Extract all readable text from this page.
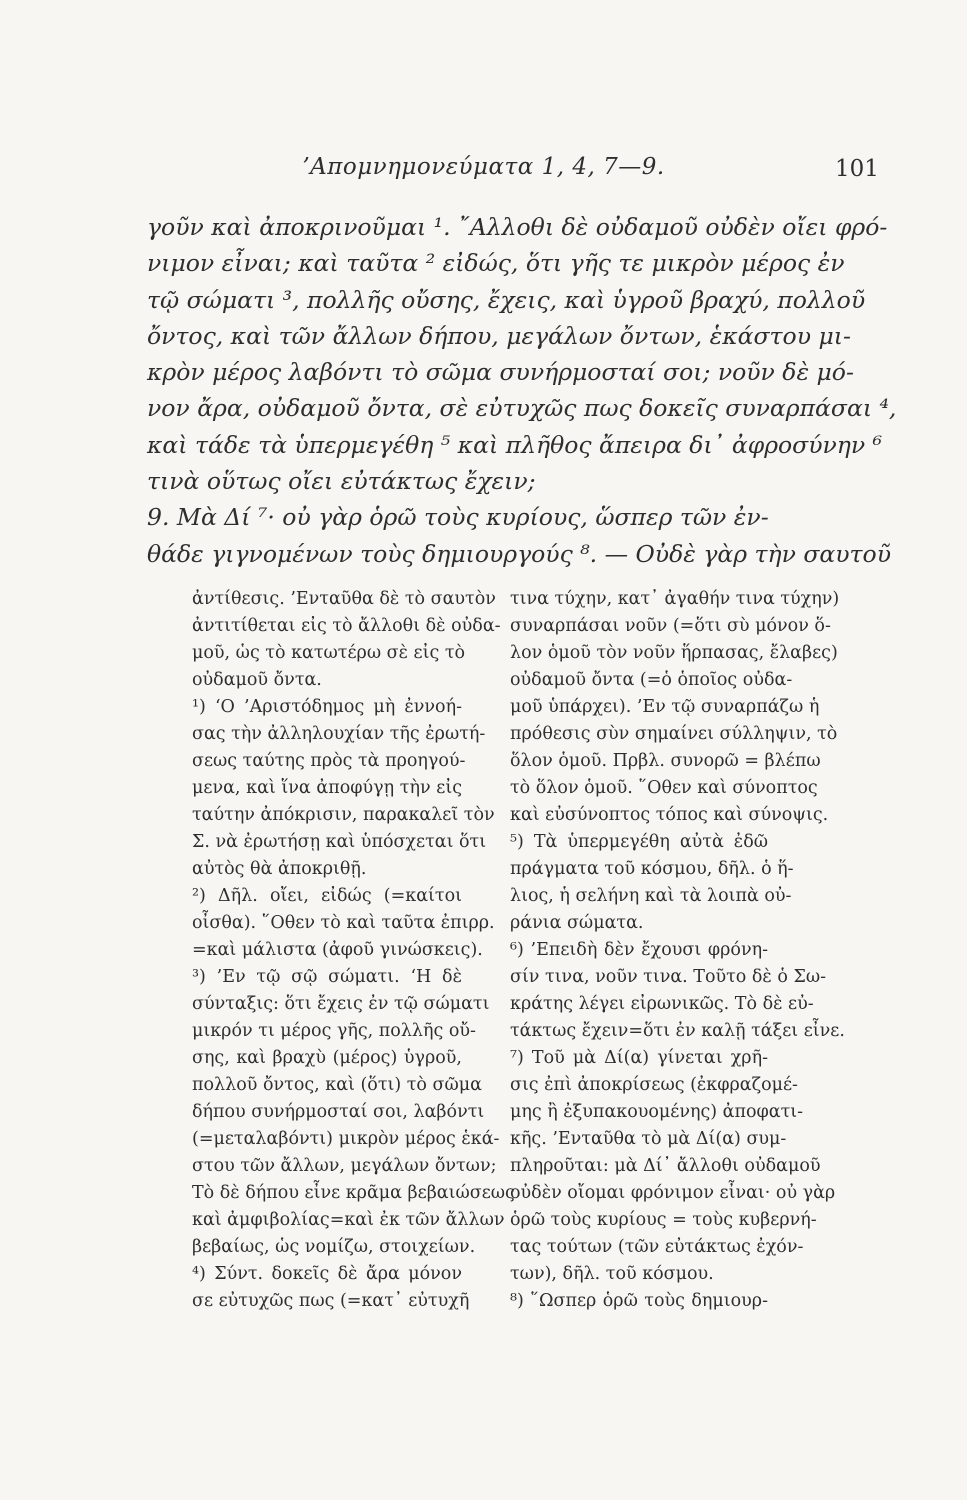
’Απομνημονεύματα 1, 4, 7—9.	101
γοῦν καὶ ἀποκρινοῦμαι ¹. ῎Αλλοθι δὲ οὐδαμοῦ οὐδὲν οἴει φρό-
νιμον εἶναι; καὶ ταῦτα ² εἰδώς, ὅτι γῆς τε μικρὸν μέρος ἐν
τῷ σώματι ³, πολλῆς οὔσης, ἔχεις, καὶ ὑγροῦ βραχύ, πολλοῦ
ὄντος, καὶ τῶν ἄλλων δήπου, μεγάλων ὄντων, ἑκάστου μι-
κρὸν μέρος λαβόντι τὸ σῶμα συνήρμοσταί σοι; νοῦν δὲ μό-
νον ἄρα, οὐδαμοῦ ὄντα, σὲ εὐτυχῶς πως δοκεῖς συναρπάσαι ⁴,
καὶ τάδε τὰ ὑπερμεγέθη ⁵ καὶ πλῆθος ἄπειρα δι᾿ ἀφροσύνην ⁶
τινὰ οὕτως οἴει εὐτάκτως ἔχειν;
9. Μὰ Δί ⁷· οὐ γὰρ ὁρῶ τοὺς κυρίους, ὥσπερ τῶν ἐν-
θάδε γιγνομένων τοὺς δημιουργούς ⁸. — Οὐδὲ γὰρ τὴν σαυτοῦ
ἀντίθεσις. ’Ενταῦθα δὲ τὸ σαυτὸν
ἀντιτίθεται εἰς τὸ ἄλλοθι δὲ οὐδα-
μοῦ, ὡς τὸ κατωτέρω σὲ εἰς τὸ
οὐδαμοῦ ὄντα.
¹) ‘Ο ’Αριστόδημος μὴ ἐννοή-
σας τὴν ἀλληλουχίαν τῆς ἐρωτή-
σεως ταύτης πρὸς τὰ προηγού-
μενα, καὶ ἵνα ἀποφύγῃ τὴν εἰς
ταύτην ἀπόκρισιν, παρακαλεῖ τὸν
Σ. νὰ ἐρωτήσῃ καὶ ὑπόσχεται ὅτι
αὐτὸς θὰ ἀποκριθῇ.
²) Δῆλ. οἴει, εἰδώς (=καίτοι
οἶσθα). ῞Οθεν τὸ καὶ ταῦτα ἐπιρρ.
=καὶ μάλιστα (ἀφοῦ γινώσκεις).
³) ’Εν τῷ σῷ σώματι. ‘Η δὲ
σύνταξις: ὅτι ἔχεις ἐν τῷ σώματι
μικρόν τι μέρος γῆς, πολλῆς οὔ-
σης, καὶ βραχὺ (μέρος) ὑγροῦ,
πολλοῦ ὄντος, καὶ (ὅτι) τὸ σῶμα
δήπου συνήρμοσταί σοι, λαβόντι
(=μεταλαβόντι) μικρὸν μέρος ἑκά-
στου τῶν ἄλλων, μεγάλων ὄντων;
Τὸ δὲ δήπου εἶνε κρᾶμα βεβαιώσεως
καὶ ἀμφιβολίας=καὶ ἐκ τῶν ἄλλων
βεβαίως, ὡς νομίζω, στοιχείων.
⁴) Σύντ. δοκεῖς δὲ ἄρα μόνον
σε εὐτυχῶς πως (=κατ᾿ εὐτυχῆ
τινα τύχην, κατ᾿ ἀγαθήν τινα τύχην)
συναρπάσαι νοῦν (=ὅτι σὺ μόνον ὅ-
λον ὁμοῦ τὸν νοῦν ἥρπασας, ἔλαβες)
οὐδαμοῦ ὄντα (=ὁ ὁποῖος οὐδα-
μοῦ ὑπάρχει). ’Εν τῷ συναρπάζω ἡ
πρόθεσις σὺν σημαίνει σύλληψιν, τὸ
ὅλον ὁμοῦ. Πρβλ. συνορῶ = βλέπω
τὸ ὅλον ὁμοῦ. ῞Οθεν καὶ σύνοπτος
καὶ εὐσύνοπτος τόπος καὶ σύνοψις.
⁵) Τὰ ὑπερμεγέθη αὐτὰ ἐδῶ
πράγματα τοῦ κόσμου, δῆλ. ὁ ἥ-
λιος, ἡ σελήνη καὶ τὰ λοιπὰ οὐ-
ράνια σώματα.
⁶) ’Επειδὴ δὲν ἔχουσι φρόνη-
σίν τινα, νοῦν τινα. Τοῦτο δὲ ὁ Σω-
κράτης λέγει εἰρωνικῶς. Τὸ δὲ εὐ-
τάκτως ἔχειν=ὅτι ἐν καλῇ τάξει εἶνε.
⁷) Τοῦ μὰ Δί(α) γίνεται χρῆ-
σις ἐπὶ ἀποκρίσεως (ἐκφραζομέ-
μης ἢ ἐξυπακουομένης) ἀποφατι-
κῆς. ’Ενταῦθα τὸ μὰ Δί(α) συμ-
πληροῦται: μὰ Δί᾿ ἄλλοθι οὐδαμοῦ
οὐδὲν οἴομαι φρόνιμον εἶναι· οὐ γὰρ
ὁρῶ τοὺς κυρίους = τοὺς κυβερνή-
τας τούτων (τῶν εὐτάκτως ἐχόν-
των), δῆλ. τοῦ κόσμου.
⁸) ῞Ωσπερ ὁρῶ τοὺς δημιουρ-
